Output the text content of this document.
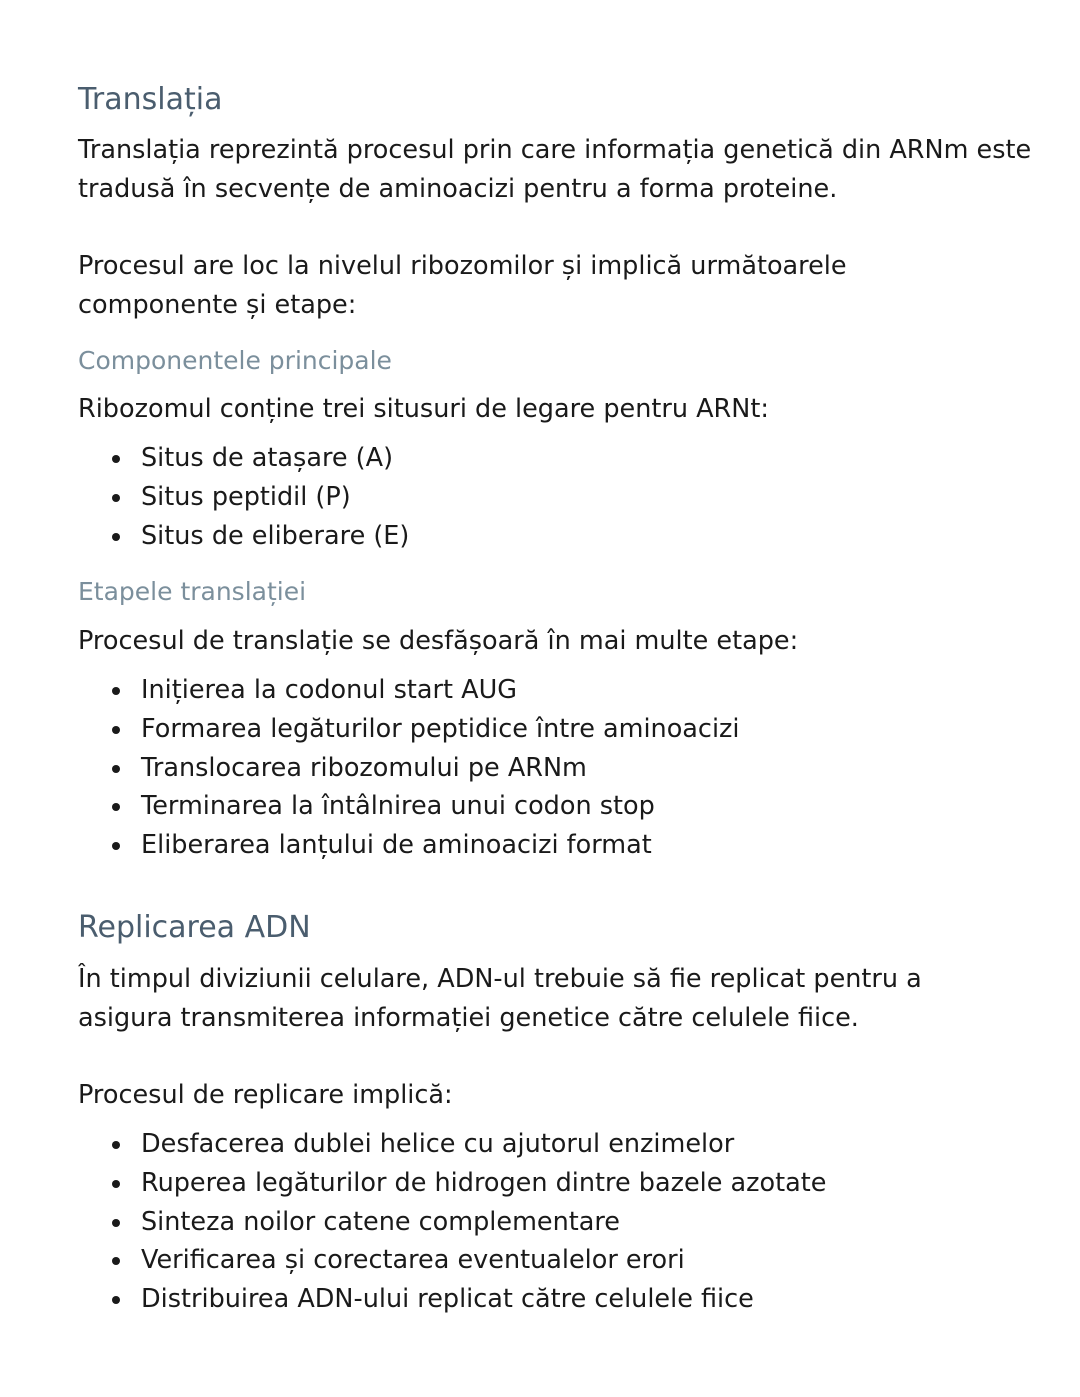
Translația
Translația reprezintă procesul prin care informația genetică din ARNm este tradusă în secvențe de aminoacizi pentru a forma proteine.
Procesul are loc la nivelul ribozomilor și implică următoarele componente și etape:
Componentele principale
Ribozomul conține trei situsuri de legare pentru ARNt:
Situs de atașare (A)
Situs peptidil (P)
Situs de eliberare (E)
Etapele translației
Procesul de translație se desfășoară în mai multe etape:
Inițierea la codonul start AUG
Formarea legăturilor peptidice între aminoacizi
Translocarea ribozomului pe ARNm
Terminarea la întâlnirea unui codon stop
Eliberarea lanțului de aminoacizi format
Replicarea ADN
În timpul diviziunii celulare, ADN-ul trebuie să fie replicat pentru a asigura transmiterea informației genetice către celulele fiice.
Procesul de replicare implică:
Desfacerea dublei helice cu ajutorul enzimelor
Ruperea legăturilor de hidrogen dintre bazele azotate
Sinteza noilor catene complementare
Verificarea și corectarea eventualelor erori
Distribuirea ADN-ului replicat către celulele fiice
